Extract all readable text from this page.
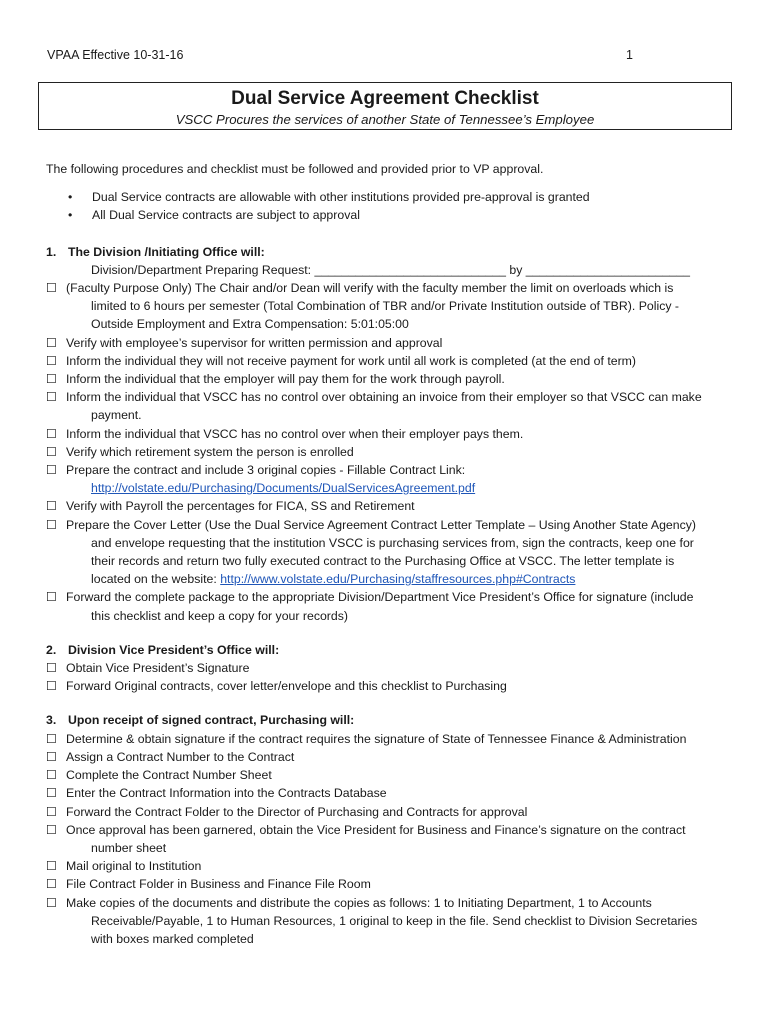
VPAA Effective 10-31-16	1
Dual Service Agreement Checklist
VSCC Procures the services of another State of Tennessee’s Employee

The following procedures and checklist must be followed and provided prior to VP approval.

• Dual Service contracts are allowable with other institutions provided pre-approval is granted
• All Dual Service contracts are subject to approval
1. The Division /Initiating Office will:
Division/Department Preparing Request: ____________________________ by ________________________
☐ (Faculty Purpose Only) The Chair and/or Dean will verify with the faculty member the limit on overloads which is
limited to 6 hours per semester (Total Combination of TBR and/or Private Institution outside of TBR). Policy -
Outside Employment and Extra Compensation: 5:01:05:00
☐ Verify with employee’s supervisor for written permission and approval
☐ Inform the individual they will not receive payment for work until all work is completed (at the end of term)
☐ Inform the individual that the employer will pay them for the work through payroll.
☐ Inform the individual that VSCC has no control over obtaining an invoice from their employer so that VSCC can make
payment.
☐ Inform the individual that VSCC has no control over when their employer pays them.
☐ Verify which retirement system the person is enrolled
☐ Prepare the contract and include 3 original copies - Fillable Contract Link:
http://volstate.edu/Purchasing/Documents/DualServicesAgreement.pdf
☐ Verify with Payroll the percentages for FICA, SS and Retirement
☐ Prepare the Cover Letter (Use the Dual Service Agreement Contract Letter Template – Using Another State Agency)
and envelope requesting that the institution VSCC is purchasing services from, sign the contracts, keep one for
their records and return two fully executed contract to the Purchasing Office at VSCC. The letter template is
located on the website: http://www.volstate.edu/Purchasing/staffresources.php#Contracts
☐ Forward the complete package to the appropriate Division/Department Vice President’s Office for signature (include
this checklist and keep a copy for your records)
2. Division Vice President’s Office will:
☐ Obtain Vice President’s Signature
☐ Forward Original contracts, cover letter/envelope and this checklist to Purchasing
3. Upon receipt of signed contract, Purchasing will:
☐ Determine & obtain signature if the contract requires the signature of State of Tennessee Finance & Administration
☐ Assign a Contract Number to the Contract
☐ Complete the Contract Number Sheet
☐ Enter the Contract Information into the Contracts Database
☐ Forward the Contract Folder to the Director of Purchasing and Contracts for approval
☐ Once approval has been garnered, obtain the Vice President for Business and Finance’s signature on the contract
number sheet
☐ Mail original to Institution
☐ File Contract Folder in Business and Finance File Room
☐ Make copies of the documents and distribute the copies as follows: 1 to Initiating Department, 1 to Accounts
Receivable/Payable, 1 to Human Resources, 1 original to keep in the file. Send checklist to Division Secretaries
with boxes marked completed
